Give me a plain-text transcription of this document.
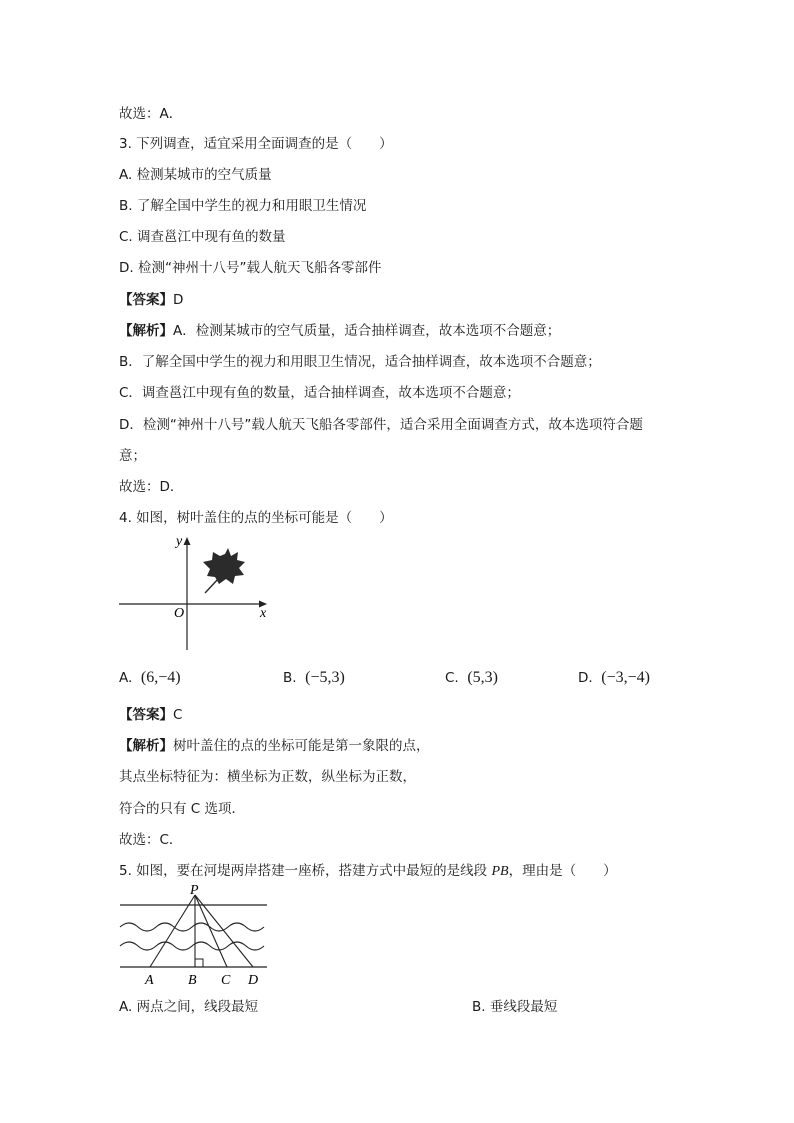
故选：A．
3. 下列调查，适宜采用全面调查的是（　　）
A. 检测某城市的空气质量
B. 了解全国中学生的视力和用眼卫生情况
C. 调查邕江中现有鱼的数量
D. 检测“神州十八号”载人航天飞船各零部件
【答案】D
【解析】A．检测某城市的空气质量，适合抽样调查，故本选项不合题意；
B．了解全国中学生的视力和用眼卫生情况，适合抽样调查，故本选项不合题意；
C．调查邕江中现有鱼的数量，适合抽样调查，故本选项不合题意；
D．检测“神州十八号”载人航天飞船各零部件，适合采用全面调查方式，故本选项符合题
意；
故选：D．
4. 如图，树叶盖住的点的坐标可能是（　　）
y
x
O
A. (6,−4)	B. (−5,3)	C. (5,3)	D. (−3,−4)
【答案】C
【解析】树叶盖住的点的坐标可能是第一象限的点，
其点坐标特征为：横坐标为正数，纵坐标为正数，
符合的只有 C 选项．
故选：C．
5. 如图，要在河堤两岸搭建一座桥，搭建方式中最短的是线段 PB，理由是（　　）
P
A B C D
A. 两点之间，线段最短	B. 垂线段最短
